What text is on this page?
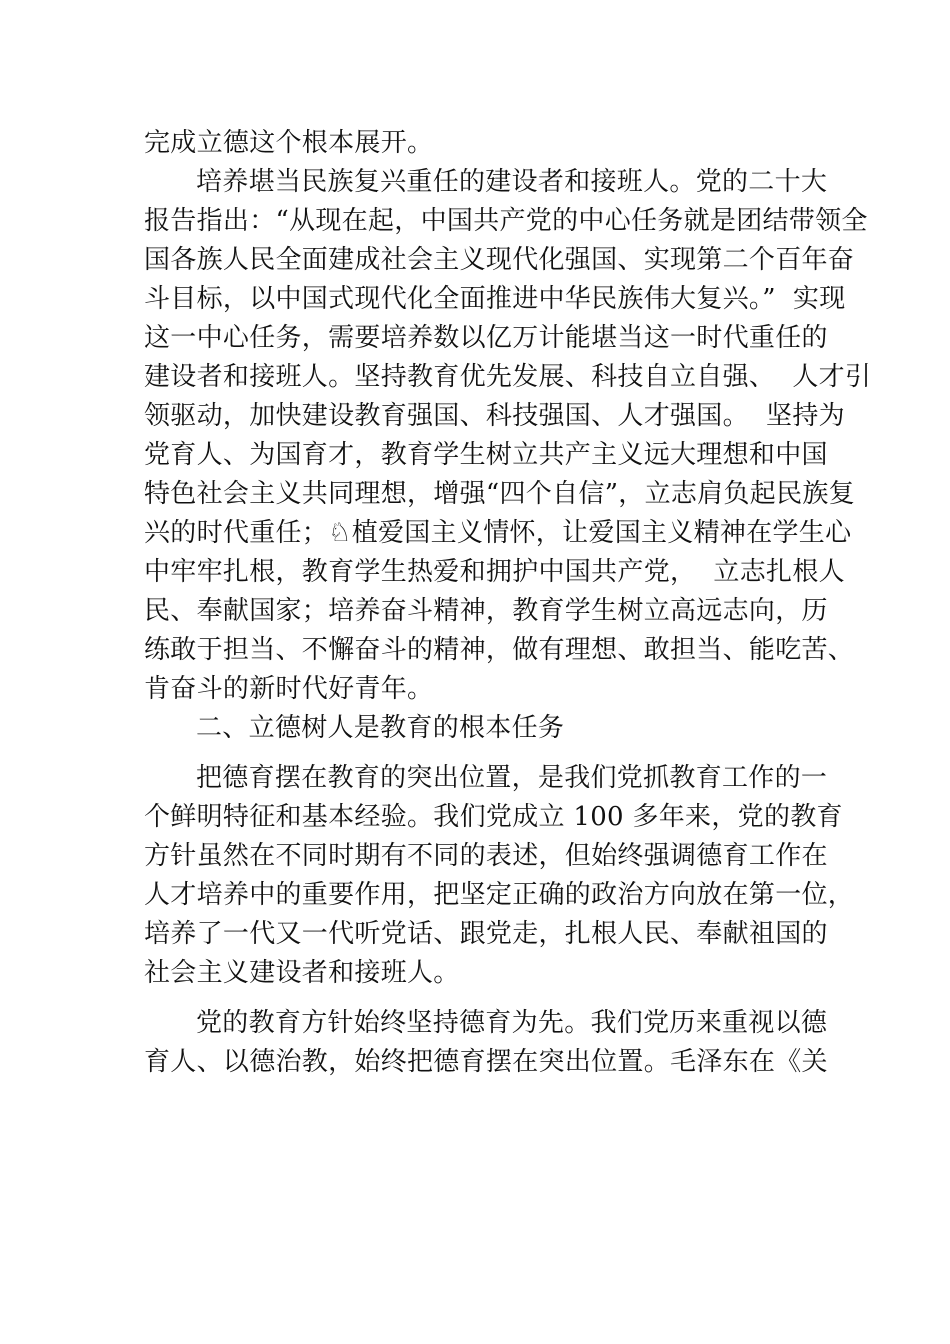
完成立德这个根本展开。
培养堪当民族复兴重任的建设者和接班人。党的二十大
报告指出：“从现在起，中国共产党的中心任务就是团结带领全
国各族人民全面建成社会主义现代化强国、实现第二个百年奋
斗目标，以中国式现代化全面推进中华民族伟大复兴。”  实现
这一中心任务，需要培养数以亿万计能堪当这一时代重任的
建设者和接班人。坚持教育优先发展、科技自立自强、  人才引
领驱动，加快建设教育强国、科技强国、人才强国。  坚持为
党育人、为国育才，教育学生树立共产主义远大理想和中国
特色社会主义共同理想，增强“四个自信”，立志肩负起民族复
兴的时代重任；♘植爱国主义情怀，让爱国主义精神在学生心
中牢牢扎根，教育学生热爱和拥护中国共产党，  立志扎根人
民、奉献国家；培养奋斗精神，教育学生树立高远志向，历
练敢于担当、不懈奋斗的精神，做有理想、敢担当、能吃苦、
肯奋斗的新时代好青年。
二、立德树人是教育的根本任务
把德育摆在教育的突出位置，是我们党抓教育工作的一
个鲜明特征和基本经验。我们党成立 100 多年来，党的教育
方针虽然在不同时期有不同的表述，但始终强调德育工作在
人才培养中的重要作用，把坚定正确的政治方向放在第一位，
培养了一代又一代听党话、跟党走，扎根人民、奉献祖国的
社会主义建设者和接班人。
党的教育方针始终坚持德育为先。我们党历来重视以德
育人、以德治教，始终把德育摆在突出位置。毛泽东在《关
